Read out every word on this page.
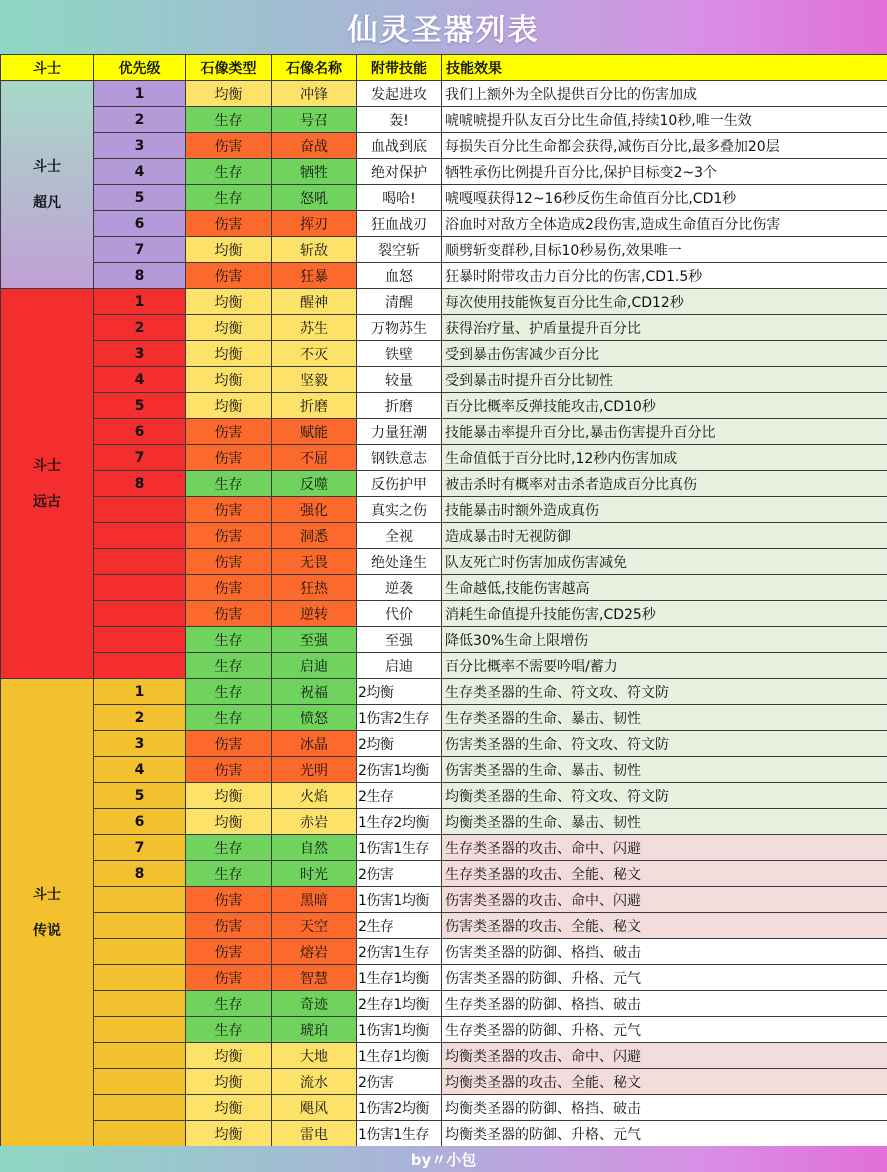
仙灵圣器列表
斗士	优先级	石像类型	石像名称	附带技能	技能效果
斗士
超凡	1	均衡	冲锋	发起进攻	我们上额外为全队提供百分比的伤害加成
	2	生存	号召	轰!	唬唬唬提升队友百分比生命值,持续10秒,唯一生效
	3	伤害	奋战	血战到底	每损失百分比生命都会获得,减伤百分比,最多叠加20层
	4	生存	牺牲	绝对保护	牺牲承伤比例提升百分比,保护目标变2~3个
	5	生存	怒吼	喝哈!	唬嘎嘎获得12~16秒反伤生命值百分比,CD1秒
	6	伤害	挥刃	狂血战刃	浴血时对敌方全体造成2段伤害,造成生命值百分比伤害
	7	均衡	斩敌	裂空斩	顺劈斩变群秒,目标10秒易伤,效果唯一
	8	伤害	狂暴	血怒	狂暴时附带攻击力百分比的伤害,CD1.5秒
斗士
远古	1	均衡	醒神	清醒	每次使用技能恢复百分比生命,CD12秒
	2	均衡	苏生	万物苏生	获得治疗量、护盾量提升百分比
	3	均衡	不灭	铁壁	受到暴击伤害减少百分比
	4	均衡	坚毅	较量	受到暴击时提升百分比韧性
	5	均衡	折磨	折磨	百分比概率反弹技能攻击,CD10秒
	6	伤害	赋能	力量狂潮	技能暴击率提升百分比,暴击伤害提升百分比
	7	伤害	不屈	钢铁意志	生命值低于百分比时,12秒内伤害加成
	8	生存	反噬	反伤护甲	被击杀时有概率对击杀者造成百分比真伤
		伤害	强化	真实之伤	技能暴击时额外造成真伤
		伤害	洞悉	全视	造成暴击时无视防御
		伤害	无畏	绝处逢生	队友死亡时伤害加成伤害减免
		伤害	狂热	逆袭	生命越低,技能伤害越高
		伤害	逆转	代价	消耗生命值提升技能伤害,CD25秒
		生存	至强	至强	降低30%生命上限增伤
		生存	启迪	启迪	百分比概率不需要吟唱/蓄力
斗士
传说	1	生存	祝福	2均衡	生存类圣器的生命、符文攻、符文防
	2	生存	愤怒	1伤害2生存	生存类圣器的生命、暴击、韧性
	3	伤害	冰晶	2均衡	伤害类圣器的生命、符文攻、符文防
	4	伤害	光明	2伤害1均衡	伤害类圣器的生命、暴击、韧性
	5	均衡	火焰	2生存	均衡类圣器的生命、符文攻、符文防
	6	均衡	赤岩	1生存2均衡	均衡类圣器的生命、暴击、韧性
	7	生存	自然	1伤害1生存	生存类圣器的攻击、命中、闪避
	8	生存	时光	2伤害	生存类圣器的攻击、全能、秘文
		伤害	黑暗	1伤害1均衡	伤害类圣器的攻击、命中、闪避
		伤害	天空	2生存	伤害类圣器的攻击、全能、秘文
		伤害	熔岩	2伤害1生存	伤害类圣器的防御、格挡、破击
		伤害	智慧	1生存1均衡	伤害类圣器的防御、升格、元气
		生存	奇迹	2生存1均衡	生存类圣器的防御、格挡、破击
		生存	琥珀	1伤害1均衡	生存类圣器的防御、升格、元气
		均衡	大地	1生存1均衡	均衡类圣器的攻击、命中、闪避
		均衡	流水	2伤害	均衡类圣器的攻击、全能、秘文
		均衡	飓风	1伤害2均衡	均衡类圣器的防御、格挡、破击
		均衡	雷电	1伤害1生存	均衡类圣器的防御、升格、元气
by〃小包
